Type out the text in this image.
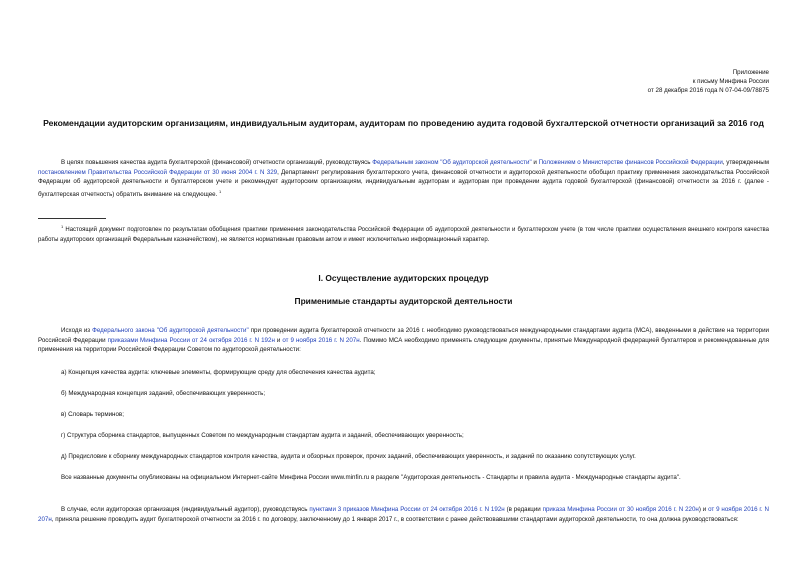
Приложение
к письму Минфина России
от 28 декабря 2016 года N 07-04-09/78875
Рекомендации аудиторским организациям, индивидуальным аудиторам, аудиторам по проведению аудита годовой бухгалтерской отчетности организаций за 2016 год
В целях повышения качества аудита бухгалтерской (финансовой) отчетности организаций, руководствуясь Федеральным законом "Об аудиторской деятельности" и Положением о Министерстве финансов Российской Федерации, утвержденным постановлением Правительства Российской Федерации от 30 июня 2004 г. N 329, Департамент регулирования бухгалтерского учета, финансовой отчетности и аудиторской деятельности обобщил практику применения законодательства Российской Федерации об аудиторской деятельности и бухгалтерском учете и рекомендует аудиторским организациям, индивидуальным аудиторам и аудиторам при проведении аудита годовой бухгалтерской (финансовой) отчетности за 2016 г. (далее - бухгалтерская отчетность) обратить внимание на следующее. $^1$
$^1$ Настоящий документ подготовлен по результатам обобщения практики применения законодательства Российской Федерации об аудиторской деятельности и бухгалтерском учете (в том числе практики осуществления внешнего контроля качества работы аудиторских организаций Федеральным казначейством), не является нормативным правовым актом и имеет исключительно информационный характер.
I. Осуществление аудиторских процедур
Применимые стандарты аудиторской деятельности
Исходя из Федерального закона "Об аудиторской деятельности" при проведении аудита бухгалтерской отчетности за 2016 г. необходимо руководствоваться международными стандартами аудита (МСА), введенными в действие на территории Российской Федерации приказами Минфина России от 24 октября 2016 г. N 192н и от 9 ноября 2016 г. N 207н. Помимо МСА необходимо применять следующие документы, принятые Международной федерацией бухгалтеров и рекомендованные для применения на территории Российской Федерации Советом по аудиторской деятельности:
а) Концепция качества аудита: ключевые элементы, формирующие среду для обеспечения качества аудита;
б) Международная концепция заданий, обеспечивающих уверенность;
в) Словарь терминов;
г) Структура сборника стандартов, выпущенных Советом по международным стандартам аудита и заданий, обеспечивающих уверенность;
д) Предисловие к сборнику международных стандартов контроля качества, аудита и обзорных проверок, прочих заданий, обеспечивающих уверенность, и заданий по оказанию сопутствующих услуг.
Все названные документы опубликованы на официальном Интернет-сайте Минфина России www.minfin.ru в разделе "Аудиторская деятельность - Стандарты и правила аудита - Международные стандарты аудита".
В случае, если аудиторская организация (индивидуальный аудитор), руководствуясь пунктами 3 приказов Минфина России от 24 октября 2016 г. N 192н (в редакции приказа Минфина России от 30 ноября 2016 г. N 220н) и от 9 ноября 2016 г. N 207н, приняла решение проводить аудит бухгалтерской отчетности за 2016 г. по договору, заключенному до 1 января 2017 г., в соответствии с ранее действовавшими стандартами аудиторской деятельности, то она должна руководствоваться:
